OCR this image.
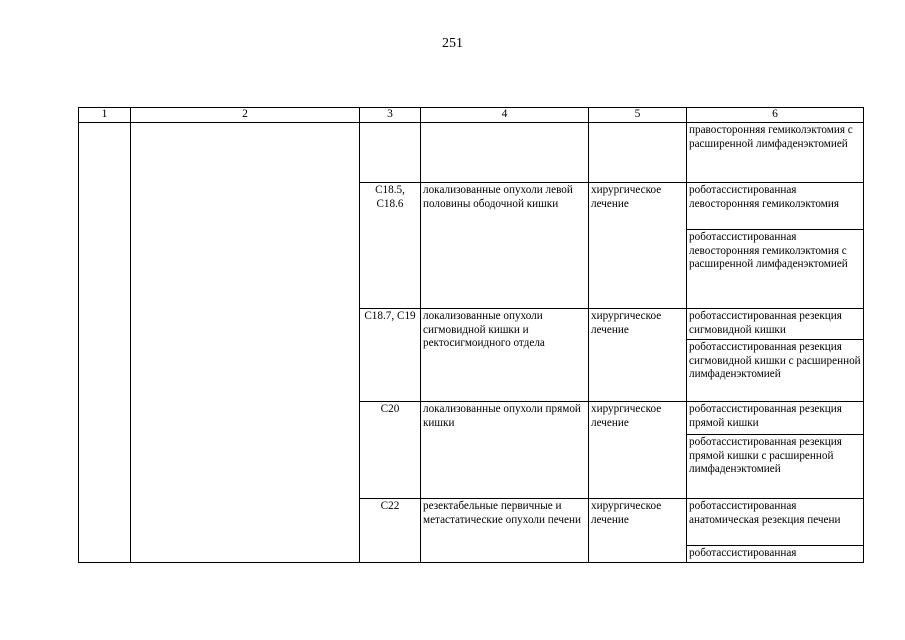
251
1	2	3	4	5	6
					правосторонняя гемиколэктомия с расширенной лимфаденэктомией
		C18.5, C18.6	локализованные опухоли левой половины ободочной кишки	хирургическое лечение	роботассистированная левосторонняя гемиколэктомия
					роботассистированная левосторонняя гемиколэктомия с расширенной лимфаденэктомией
		C18.7, C19	локализованные опухоли сигмовидной кишки и ректосигмоидного отдела	хирургическое лечение	роботассистированная резекция сигмовидной кишки
					роботассистированная резекция сигмовидной кишки с расширенной лимфаденэктомией
		C20	локализованные опухоли прямой кишки	хирургическое лечение	роботассистированная резекция прямой кишки
					роботассистированная резекция прямой кишки с расширенной лимфаденэктомией
		C22	резектабельные первичные и метастатические опухоли печени	хирургическое лечение	роботассистированная анатомическая резекция печени
					роботассистированная
